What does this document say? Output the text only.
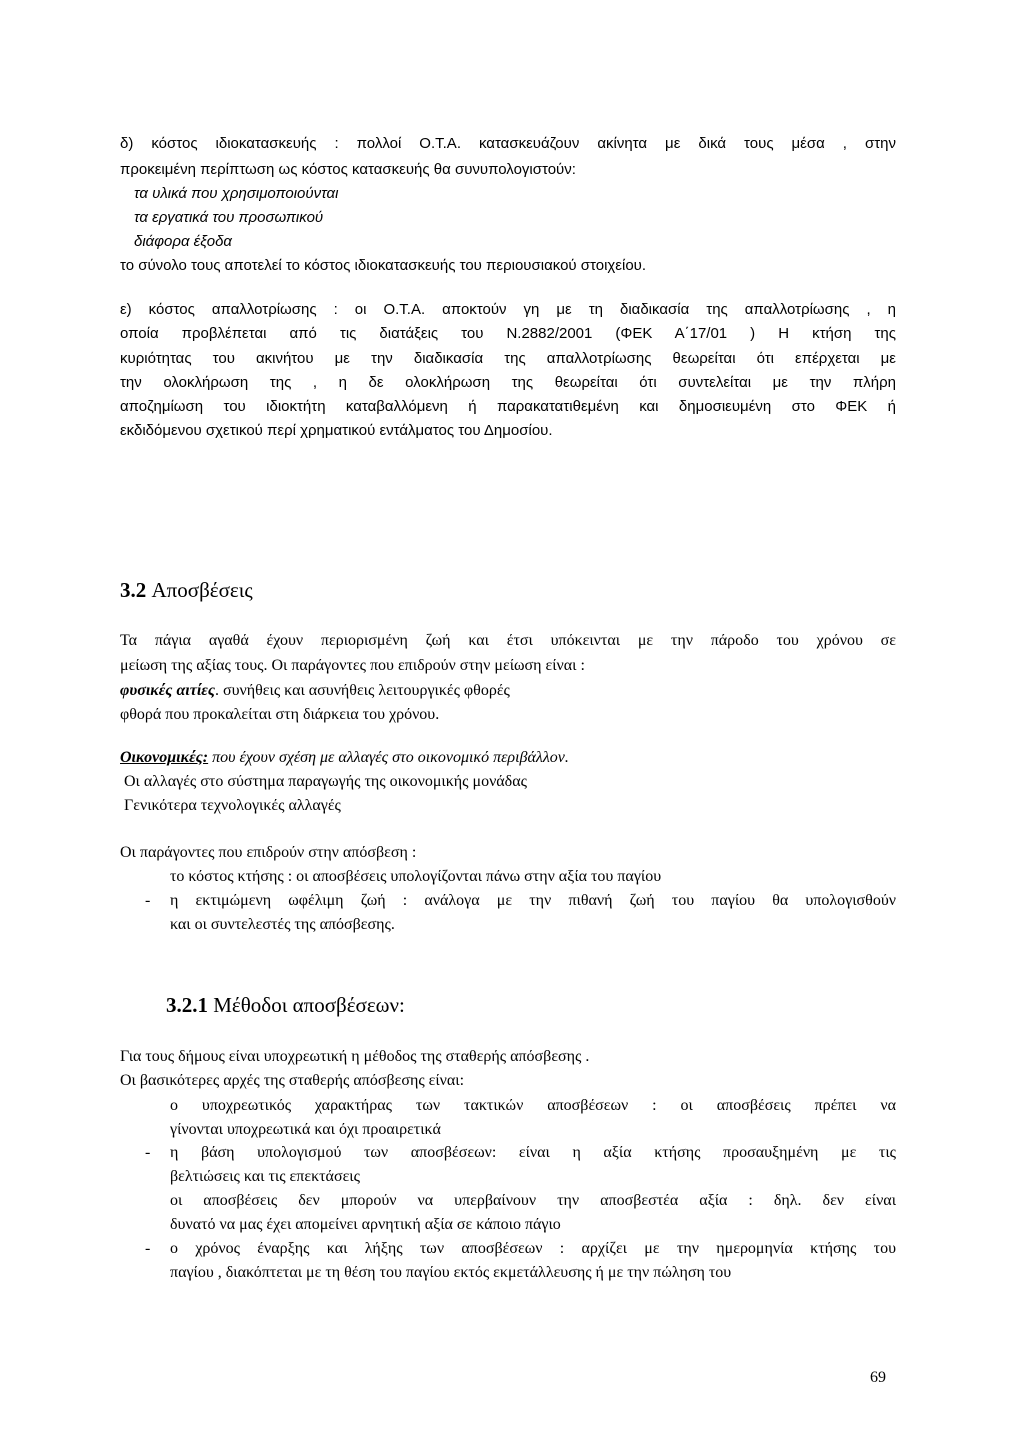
δ) κόστος ιδιοκατασκευής : πολλοί Ο.Τ.Α. κατασκευάζουν ακίνητα με δικά τους μέσα , στην

προκειμένη περίπτωση ως κόστος κατασκευής θα συνυπολογιστούν:

τα υλικά που χρησιμοποιούνται

τα εργατικά του προσωπικού

διάφορα έξοδα

το σύνολο τους αποτελεί το κόστος ιδιοκατασκευής του περιουσιακού στοιχείου.

ε) κόστος απαλλοτρίωσης : οι Ο.Τ.Α. αποκτούν γη με τη διαδικασία της απαλλοτρίωσης , η

οποία προβλέπεται από τις διατάξεις του Ν.2882/2001 (ΦΕΚ Α΄17/01 ) Η κτήση της

κυριότητας του ακινήτου με την διαδικασία της απαλλοτρίωσης θεωρείται ότι επέρχεται με

την ολοκλήρωση της , η δε ολοκλήρωση της θεωρείται ότι συντελείται με την πλήρη

αποζημίωση του ιδιοκτήτη καταβαλλόμενη ή παρακατατιθεμένη και δημοσιευμένη στο ΦΕΚ ή

εκδιδόμενου σχετικού περί χρηματικού εντάλματος του Δημοσίου.

3.2 Αποσβέσεις

Τα πάγια αγαθά έχουν περιορισμένη ζωή και έτσι υπόκεινται με την πάροδο του χρόνου σε

μείωση της αξίας τους. Οι παράγοντες που επιδρούν στην μείωση είναι :

φυσικές αιτίες. συνήθεις και ασυνήθεις λειτουργικές φθορές

φθορά που προκαλείται στη διάρκεια του χρόνου.

Οικονομικές: που έχουν σχέση με αλλαγές στο οικονομικό περιβάλλον.

Οι αλλαγές στο σύστημα παραγωγής της οικονομικής μονάδας

Γενικότερα τεχνολογικές αλλαγές

Οι παράγοντες που επιδρούν στην απόσβεση :

το κόστος κτήσης : οι αποσβέσεις υπολογίζονται πάνω στην αξία του παγίου

- η εκτιμώμενη ωφέλιμη ζωή : ανάλογα με την πιθανή ζωή του παγίου θα υπολογισθούν

και οι συντελεστές της απόσβεσης.

3.2.1 Μέθοδοι αποσβέσεων:

Για τους δήμους είναι υποχρεωτική η μέθοδος της σταθερής απόσβεσης .

Οι βασικότερες αρχές της σταθερής απόσβεσης είναι:

ο υποχρεωτικός χαρακτήρας των τακτικών αποσβέσεων : οι αποσβέσεις πρέπει να

γίνονται υποχρεωτικά και όχι προαιρετικά

- η βάση υπολογισμού των αποσβέσεων: είναι η αξία κτήσης προσαυξημένη με τις

βελτιώσεις και τις επεκτάσεις

οι αποσβέσεις δεν μπορούν να υπερβαίνουν την αποσβεστέα αξία : δηλ. δεν είναι

δυνατό να μας έχει απομείνει αρνητική αξία σε κάποιο πάγιο

- ο χρόνος έναρξης και λήξης των αποσβέσεων : αρχίζει με την ημερομηνία κτήσης του

παγίου , διακόπτεται με τη θέση του παγίου εκτός εκμετάλλευσης ή με την πώληση του

69
